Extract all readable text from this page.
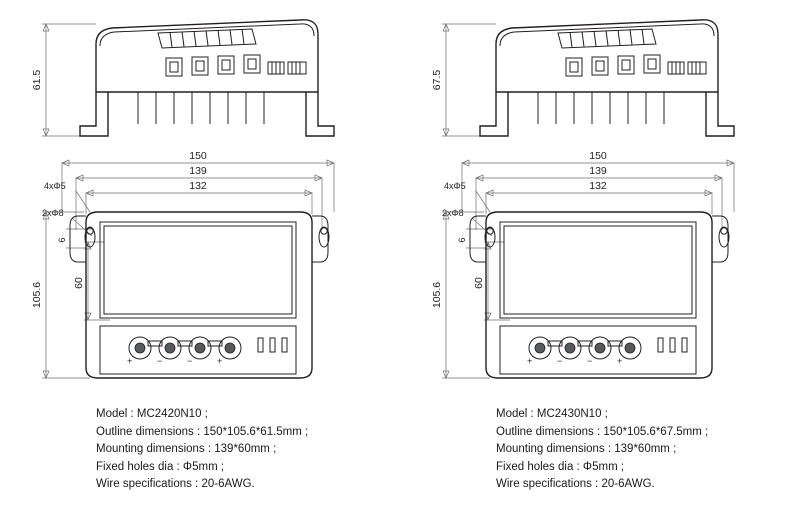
61.5
150
139
132
4xΦ5
2xΦ8
105.6	60
6
+	−	−	+
Model : MC2420N10 ;
Outline dimensions : 150*105.6*61.5mm ;
Mounting dimensions : 139*60mm ;
Fixed holes dia : Φ5mm ;
Wire specifications : 20-6AWG.
67.5
150
139
132
4xΦ5
2xΦ8
105.6	60
6
+	−	−	+
Model : MC2430N10 ;
Outline dimensions : 150*105.6*67.5mm ;
Mounting dimensions : 139*60mm ;
Fixed holes dia : Φ5mm ;
Wire specifications : 20-6AWG.
